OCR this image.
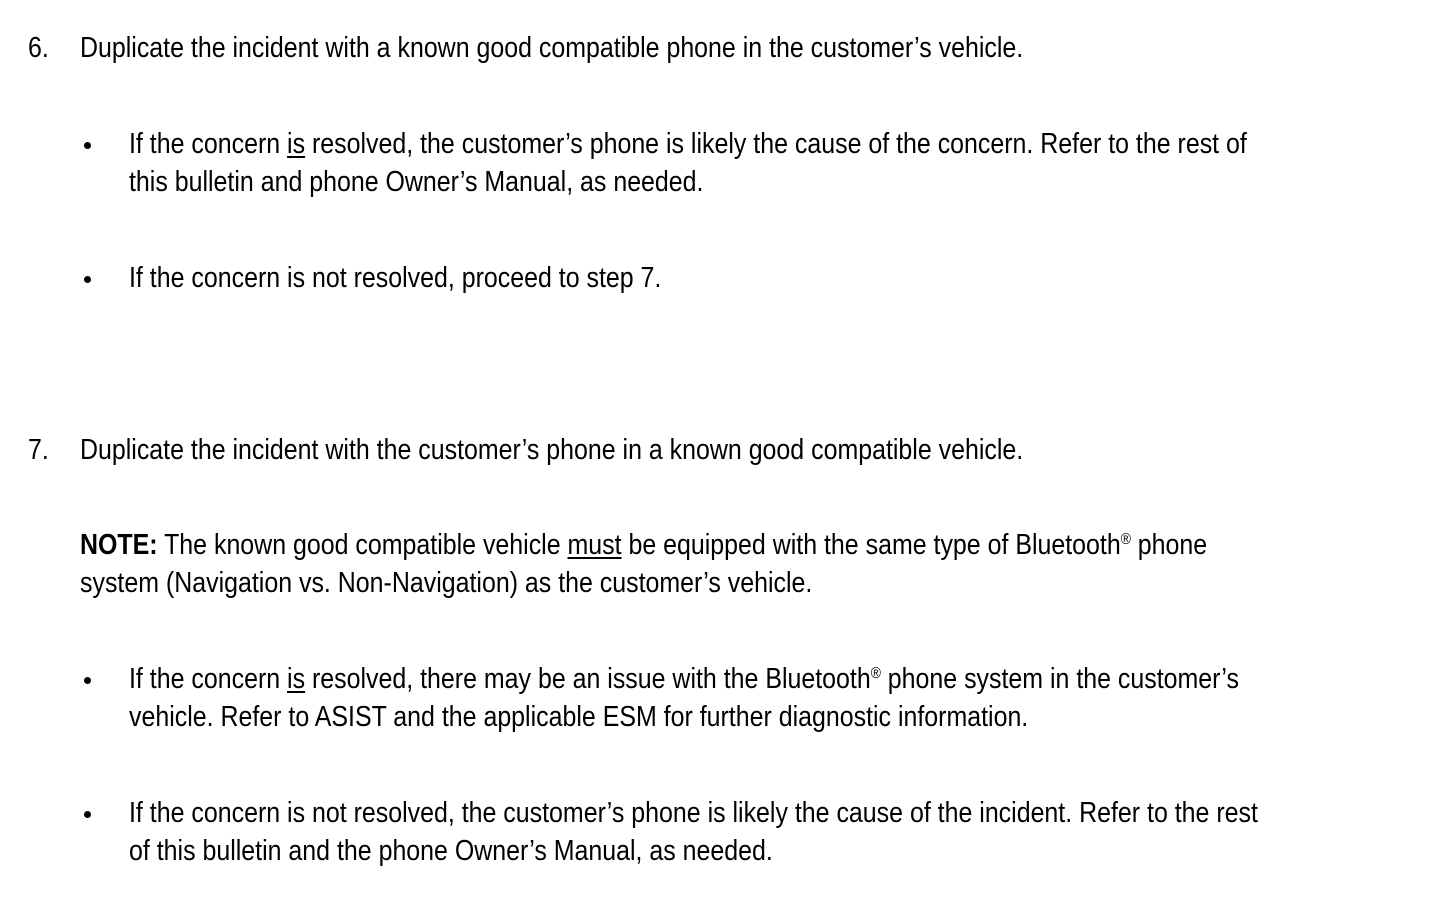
6. Duplicate the incident with a known good compatible phone in the customer’s vehicle.
If the concern is resolved, the customer’s phone is likely the cause of the concern. Refer to the rest of
this bulletin and phone Owner’s Manual, as needed.
If the concern is not resolved, proceed to step 7.
7. Duplicate the incident with the customer’s phone in a known good compatible vehicle.
NOTE: The known good compatible vehicle must be equipped with the same type of Bluetooth® phone
system (Navigation vs. Non-Navigation) as the customer’s vehicle.
If the concern is resolved, there may be an issue with the Bluetooth® phone system in the customer’s
vehicle. Refer to ASIST and the applicable ESM for further diagnostic information.
If the concern is not resolved, the customer’s phone is likely the cause of the incident. Refer to the rest
of this bulletin and the phone Owner’s Manual, as needed.
